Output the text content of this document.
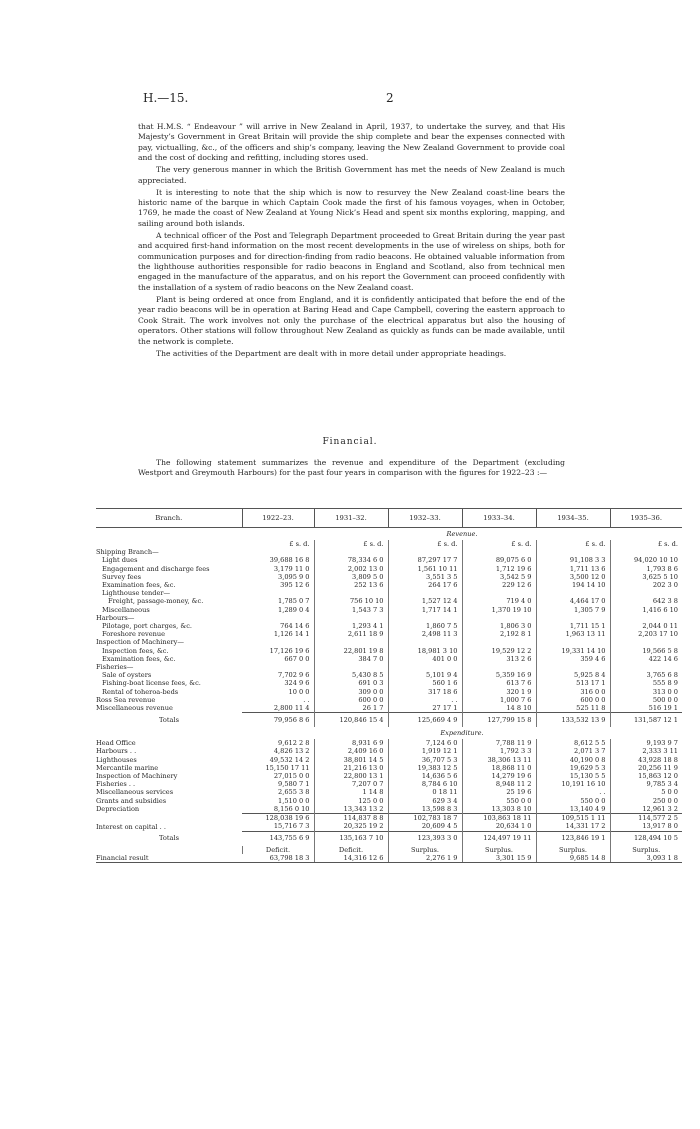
H.—15.	2

that H.M.S. “ Endeavour ” will arrive in New Zealand in April, 1937, to undertake the survey, and that His Majesty’s Government in Great Britain will provide the ship complete and bear the expenses connected with pay, victualling, &c., of the officers and ship’s company, leaving the New Zealand Government to provide coal and the cost of docking and refitting, including stores used.

The very generous manner in which the British Government has met the needs of New Zealand is much appreciated.

It is interesting to note that the ship which is now to resurvey the New Zealand coast-line bears the historic name of the barque in which Captain Cook made the first of his famous voyages, when in October, 1769, he made the coast of New Zealand at Young Nick’s Head and spent six months exploring, mapping, and sailing around both islands.

A technical officer of the Post and Telegraph Department proceeded to Great Britain during the year past and acquired first-hand information on the most recent developments in the use of wireless on ships, both for communication purposes and for direction-finding from radio beacons. He obtained valuable information from the lighthouse authorities responsible for radio beacons in England and Scotland, also from technical men engaged in the manufacture of the apparatus, and on his report the Government can proceed confidently with the installation of a system of radio beacons on the New Zealand coast.

Plant is being ordered at once from England, and it is confidently anticipated that before the end of the year radio beacons will be in operation at Baring Head and Cape Campbell, covering the eastern approach to Cook Strait. The work involves not only the purchase of the electrical apparatus but also the housing of operators. Other stations will follow throughout New Zealand as quickly as funds can be made available, until the network is complete.

The activities of the Department are dealt with in more detail under appropriate headings.

Financial.

The following statement summarizes the revenue and expenditure of the Department (excluding Westport and Greymouth Harbours) for the past four years in comparison with the figures for 1922–23 :—

Branch.	1922–23.	1931–32.	1932–33.	1933–34.	1934–35.	1935–36.
	Revenue.					
	£ s. d.	£ s. d.	£ s. d.	£ s. d.	£ s. d.	£ s. d.
Shipping Branch—						
Light dues	39,688 16 8	78,334 6 0	87,297 17 7	89,075 6 0	91,108 3 3	94,020 10 10
Engagement and discharge fees	3,179 11 0	2,002 13 0	1,561 10 11	1,712 19 6	1,711 13 6	1,793 8 6
Survey fees	3,095 9 0	3,809 5 0	3,551 3 5	3,542 5 9	3,500 12 0	3,625 5 10
Examination fees, &c.	395 12 6	252 13 6	264 17 6	229 12 6	194 14 10	202 3 0
Lighthouse tender—						
Freight, passage-money, &c.	1,785 0 7	756 10 10	1,527 12 4	719 4 0	4,464 17 0	642 3 8
Miscellaneous	1,289 0 4	1,543 7 3	1,717 14 1	1,370 19 10	1,305 7 9	1,416 6 10
Harbours—						
Pilotage, port charges, &c.	764 14 6	1,293 4 1	1,860 7 5	1,806 3 0	1,711 15 1	2,044 0 11
Foreshore revenue	1,126 14 1	2,611 18 9	2,498 11 3	2,192 8 1	1,963 13 11	2,203 17 10
Inspection of Machinery—						
Inspection fees, &c.	17,126 19 6	22,801 19 8	18,981 3 10	19,529 12 2	19,331 14 10	19,566 5 8
Examination fees, &c.	667 0 0	384 7 0	401 0 0	313 2 6	359 4 6	422 14 6
Fisheries—						
Sale of oysters	7,702 9 6	5,430 8 5	5,101 9 4	5,359 16 9	5,925 8 4	3,765 6 8
Fishing-boat license fees, &c.	324 9 6	691 0 3	560 1 6	613 7 6	513 17 1	555 8 9
Rental of toheroa-beds	10 0 0	309 0 0	317 18 6	320 1 9	316 0 0	313 0 0
Ross Sea revenue	. .	600 0 0	. .	1,000 7 6	600 0 0	500 0 0
Miscellaneous revenue	2,800 11 4	26 1 7	27 17 1	14 8 10	525 11 8	516 19 1
Totals	79,956 8 6	120,846 15 4	125,669 4 9	127,799 15 8	133,532 13 9	131,587 12 1
	Expenditure.					
Head Office	9,612 2 8	8,931 6 9	7,124 6 0	7,788 11 9	8,612 5 5	9,193 9 7
Harbours . .	4,826 13 2	2,409 16 0	1,919 12 1	1,792 3 3	2,071 3 7	2,333 3 11
Lighthouses	49,532 14 2	38,801 14 5	36,707 5 3	38,306 13 11	40,190 0 8	43,928 18 8
Mercantile marine	15,150 17 11	21,216 13 0	19,383 12 5	18,868 11 0	19,629 5 3	20,256 11 9
Inspection of Machinery	27,015 0 0	22,800 13 1	14,636 5 6	14,279 19 6	15,130 5 5	15,863 12 0
Fisheries . .	9,580 7 1	7,207 0 7	8,784 6 10	8,948 11 2	10,191 16 10	9,785 3 4
Miscellaneous services	2,655 3 8	1 14 8	0 18 11	25 19 6	. .	5 0 0
Grants and subsidies	1,510 0 0	125 0 0	629 3 4	550 0 0	550 0 0	250 0 0
Depreciation	8,156 0 10	13,343 13 2	13,598 8 3	13,303 8 10	13,140 4 9	12,961 3 2
	128,038 19 6	114,837 8 8	102,783 18 7	103,863 18 11	109,515 1 11	114,577 2 5
Interest on capital . .	15,716 7 3	20,325 19 2	20,609 4 5	20,634 1 0	14,331 17 2	13,917 8 0
Totals	143,755 6 9	135,163 7 10	123,393 3 0	124,497 19 11	123,846 19 1	128,494 10 5
	Deficit.	Deficit.	Surplus.	Surplus.	Surplus.	Surplus.
Financial result	63,798 18 3	14,316 12 6	2,276 1 9	3,301 15 9	9,685 14 8	3,093 1 8
